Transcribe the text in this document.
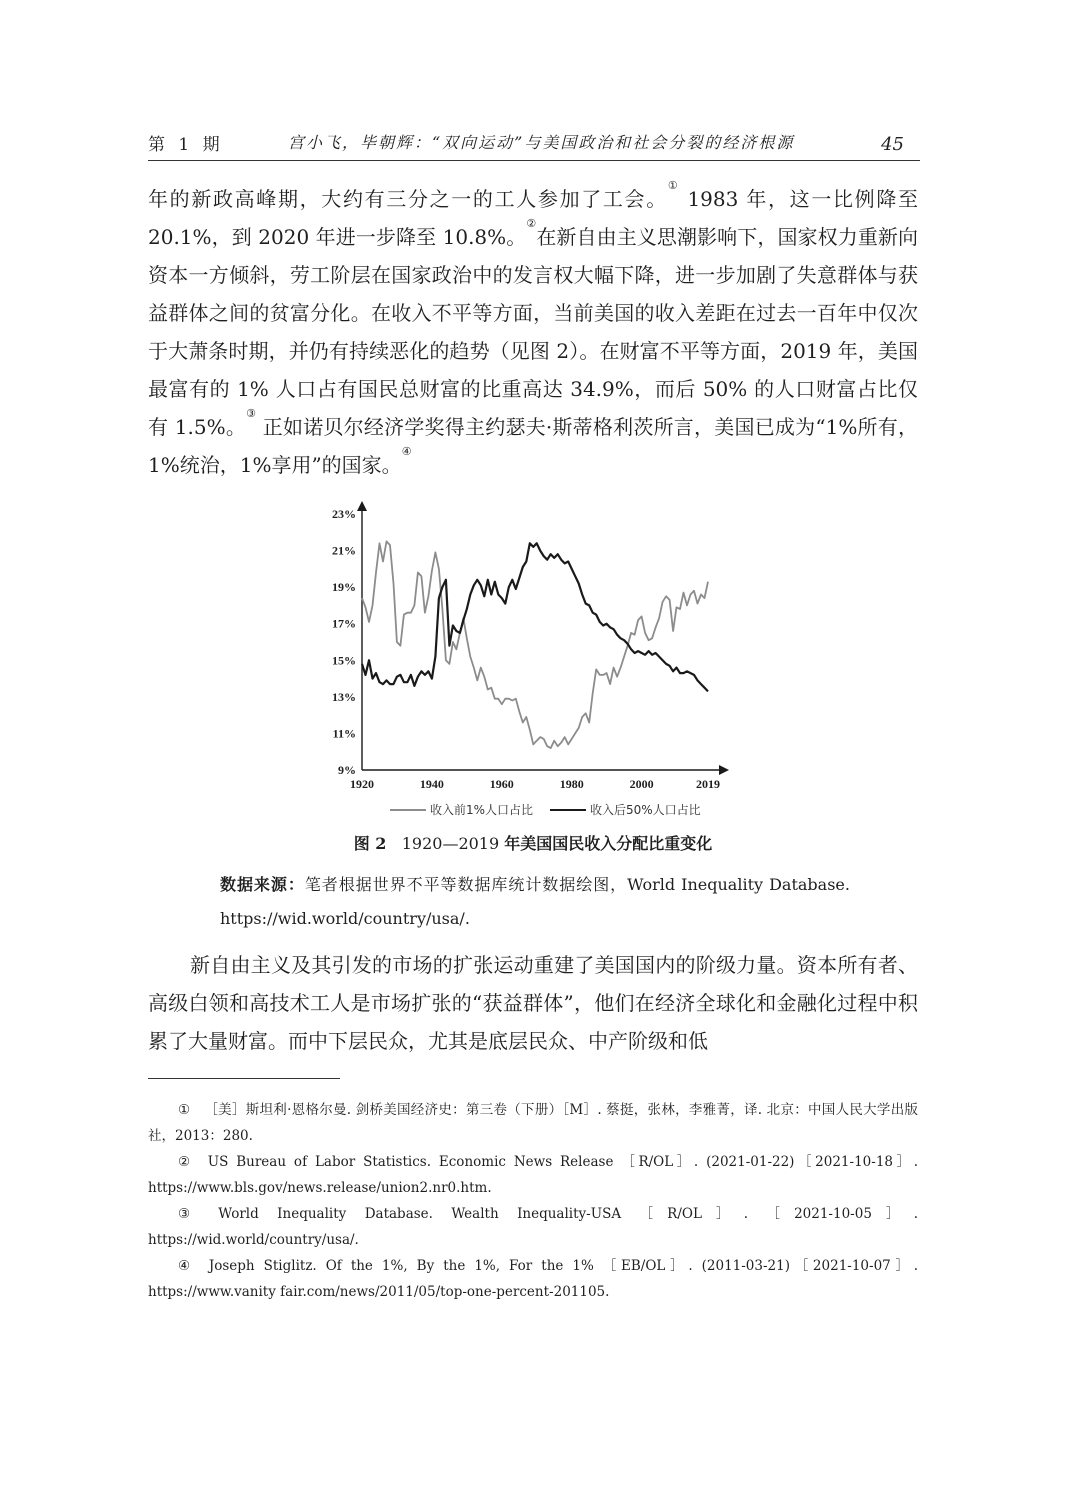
第 1 期	宫小飞，毕朝辉：“双向运动”与美国政治和社会分裂的经济根源	45

年的新政高峰期，大约有三分之一的工人参加了工会。① 1983 年，这一比例降至 20.1%，到 2020 年进一步降至 10.8%。②在新自由主义思潮影响下，国家权力重新向资本一方倾斜，劳工阶层在国家政治中的发言权大幅下降，进一步加剧了失意群体与获益群体之间的贫富分化。在收入不平等方面，当前美国的收入差距在过去一百年中仅次于大萧条时期，并仍有持续恶化的趋势（见图 2）。在财富不平等方面，2019 年，美国最富有的 1% 人口占有国民总财富的比重高达 34.9%，而后 50% 的人口财富占比仅有 1.5%。③ 正如诺贝尔经济学奖得主约瑟夫·斯蒂格利茨所言，美国已成为“1%所有，1%统治，1%享用”的国家。④

9%
11%
13%
15%
17%
19%
21%
23%
1920	1940	1960	1980	2000	2019
收入前1%人口占比	收入后50%人口占比
图 2 1920—2019 年美国国民收入分配比重变化
数据来源：笔者根据世界不平等数据库统计数据绘图，World Inequality Database. https://wid.world/country/usa/.

新自由主义及其引发的市场的扩张运动重建了美国国内的阶级力量。资本所有者、高级白领和高技术工人是市场扩张的“获益群体”，他们在经济全球化和金融化过程中积累了大量财富。而中下层民众，尤其是底层民众、中产阶级和低

① ［美］斯坦利·恩格尔曼. 剑桥美国经济史：第三卷（下册）［M］. 蔡挺，张林，李雅菁，译. 北京：中国人民大学出版社，2013：280.

② US Bureau of Labor Statistics. Economic News Release ［R/OL］. (2021-01-22)［2021-10-18］. https://www.bls.gov/news.release/union2.nr0.htm.

③ World Inequality Database. Wealth Inequality-USA ［R/OL］. ［2021-10-05］. https://wid.world/country/usa/.

④ Joseph Stiglitz. Of the 1%, By the 1%, For the 1% ［EB/OL］. (2011-03-21)［2021-10-07］. https://www.vanity fair.com/news/2011/05/top-one-percent-201105.
